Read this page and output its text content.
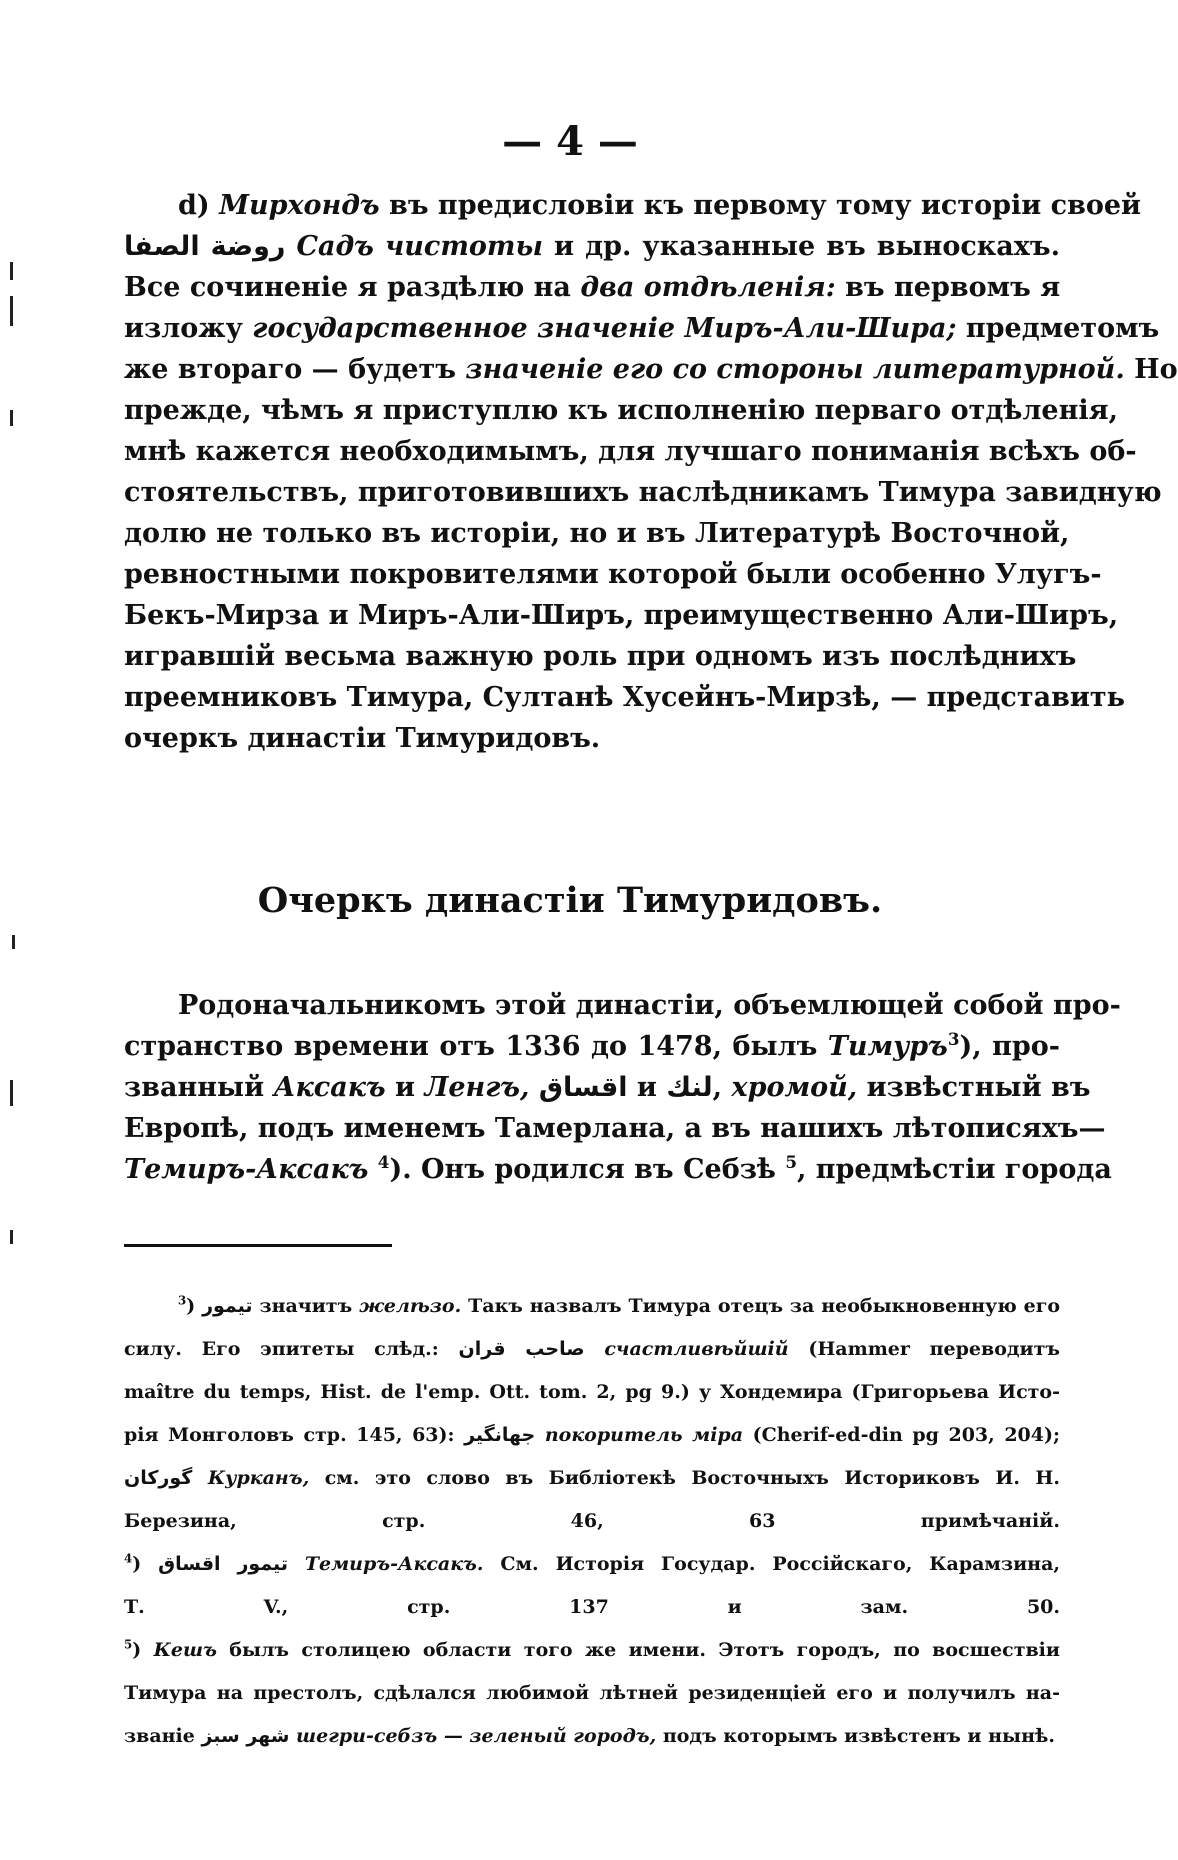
— 4 —
d) Мирхондъ въ предисловіи къ первому тому исторіи своей
الصفا روضة Садъ чистоты и др. указанные въ выноскахъ.
Все сочиненіе я раздѣлю на два отдѣленія: въ первомъ я
изложу государственное значеніе Миръ-Али-Шира; предметомъ
же втораго — будетъ значеніе его со стороны литературной. Но
прежде, чѣмъ я приступлю къ исполненію перваго отдѣленія,
мнѣ кажется необходимымъ, для лучшаго пониманія всѣхъ об-
стоятельствъ, приготовившихъ наслѣдникамъ Тимура завидную
долю не только въ исторіи, но и въ Литературѣ Восточной,
ревностными покровителями которой были особенно Улугъ-
Бекъ-Мирза и Миръ-Али-Ширъ, преимущественно Али-Ширъ,
игравшій весьма важную роль при одномъ изъ послѣднихъ
преемниковъ Тимура, Султанѣ Хусейнъ-Мирзѣ, — представить
очеркъ династіи Тимуридовъ.
Очеркъ династіи Тимуридовъ.
Родоначальникомъ этой династіи, объемлющей собой про-
странство времени отъ 1336 до 1478, былъ Тимуръ$^3$), про-
званный Аксакъ и Ленгъ, اقساق и لنك, хромой, извѣстный въ
Европѣ, подъ именемъ Тамерлана, а въ нашихъ лѣтописяхъ—
Темиръ-Аксакъ $^4$). Онъ родился въ Себзѣ $^5$, предмѣстіи города
$^3$) تيمور значитъ желѣзо. Такъ назвалъ Тимура отецъ за необыкновенную его
силу. Его эпитеты слѣд.: صاحب قران счастливѣйшій (Hammer переводитъ
maître du temps, Hist. de l'emp. Ott. tom. 2, pg 9.) у Хондемира (Григорьева Исто-
рія Монголовъ стр. 145, 63): جهانگير покоритель міра (Cherif-ed-din pg 203, 204);
گوركان Курканъ, см. это слово въ Библіотекѣ Восточныхъ Историковъ И. Н.
Березина, стр. 46, 63 примѣчаній.
$^4$) تيمور اقساق Темиръ-Аксакъ. См. Исторія Государ. Россійскаго, Карамзина,
Т. V., стр. 137 и зам. 50.
$^5$) Кешъ былъ столицею области того же имени. Этотъ городъ, по восшествіи
Тимура на престолъ, сдѣлался любимой лѣтней резиденціей его и получилъ на-
званіе شهر سبز шегри-себзъ — зеленый городъ, подъ которымъ извѣстенъ и нынѣ.
